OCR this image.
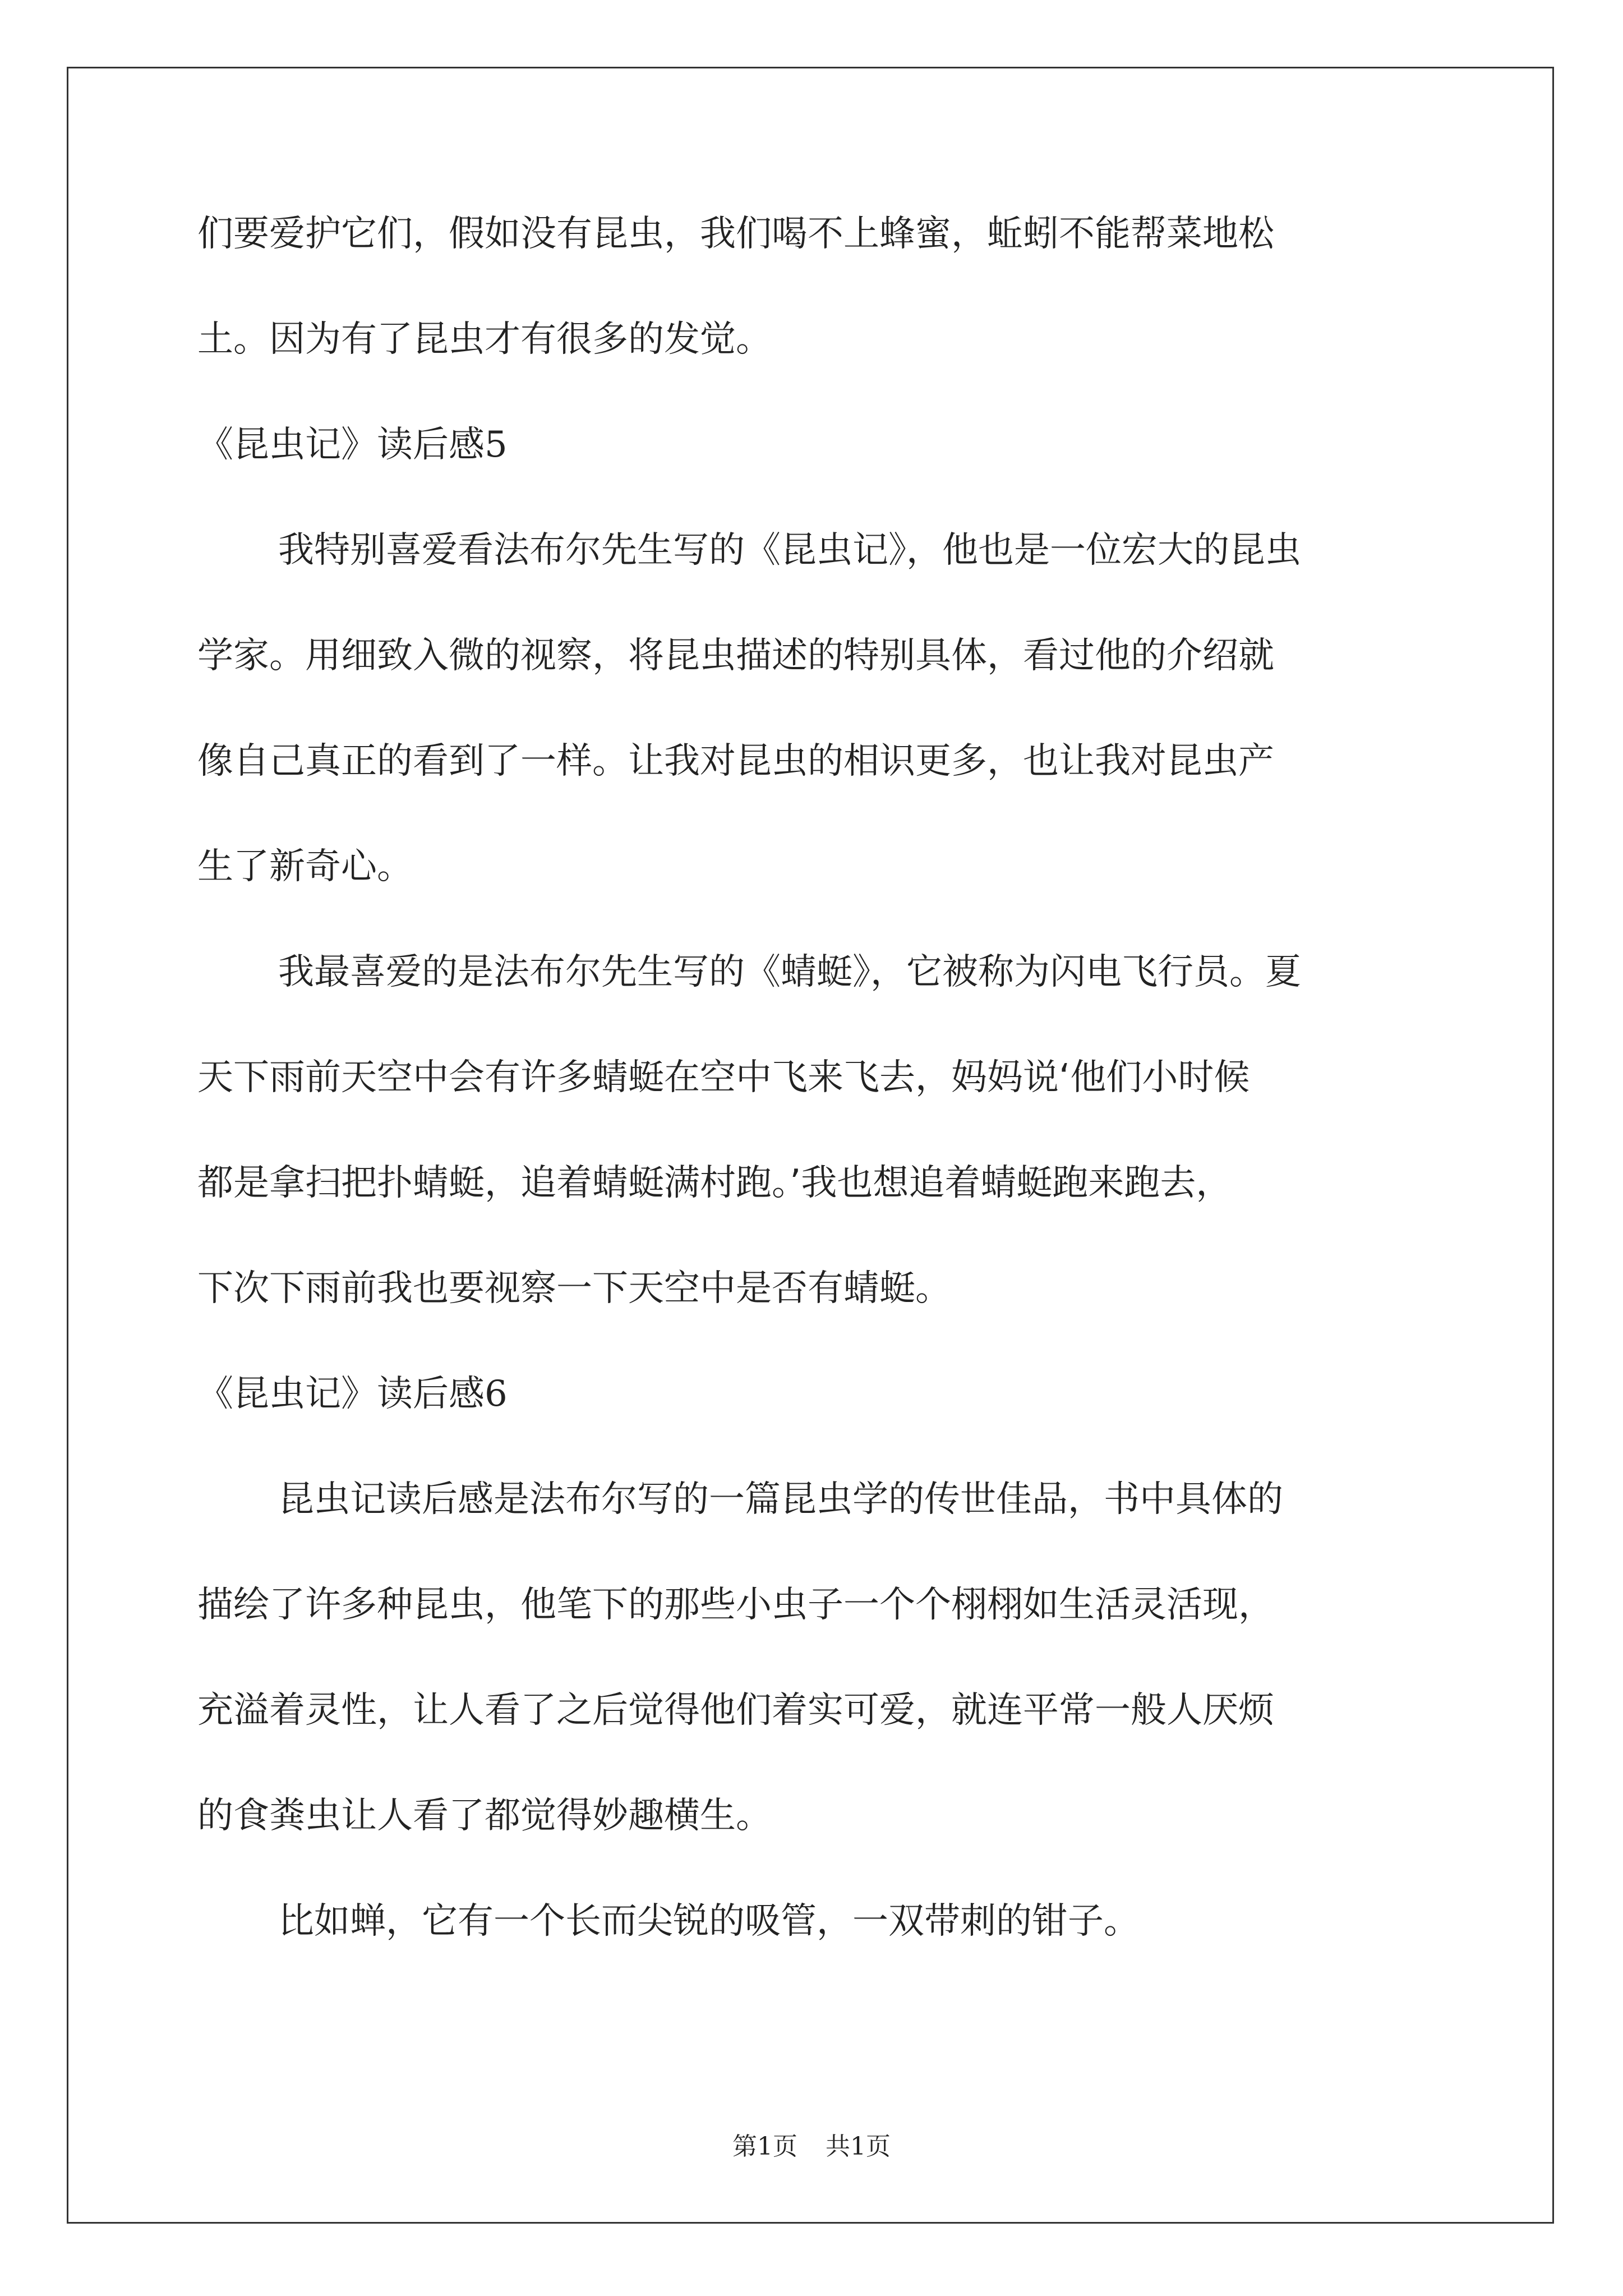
们要爱护它们，假如没有昆虫，我们喝不上蜂蜜，蚯蚓不能帮菜地松
土。因为有了昆虫才有很多的发觉。
《昆虫记》读后感5
我特别喜爱看法布尔先生写的《昆虫记》，他也是一位宏大的昆虫
学家。用细致入微的视察，将昆虫描述的特别具体，看过他的介绍就
像自己真正的看到了一样。让我对昆虫的相识更多，也让我对昆虫产
生了新奇心。
我最喜爱的是法布尔先生写的《蜻蜓》，它被称为闪电飞行员。夏
天下雨前天空中会有许多蜻蜓在空中飞来飞去，妈妈说‘他们小时候
都是拿扫把扑蜻蜓，追着蜻蜓满村跑。’我也想追着蜻蜓跑来跑去，
下次下雨前我也要视察一下天空中是否有蜻蜓。
《昆虫记》读后感6
昆虫记读后感是法布尔写的一篇昆虫学的传世佳品，书中具体的
描绘了许多种昆虫，他笔下的那些小虫子一个个栩栩如生活灵活现，
充溢着灵性，让人看了之后觉得他们着实可爱，就连平常一般人厌烦
的食粪虫让人看了都觉得妙趣横生。
比如蝉，它有一个长而尖锐的吸管，一双带刺的钳子。
第1页 共1页
